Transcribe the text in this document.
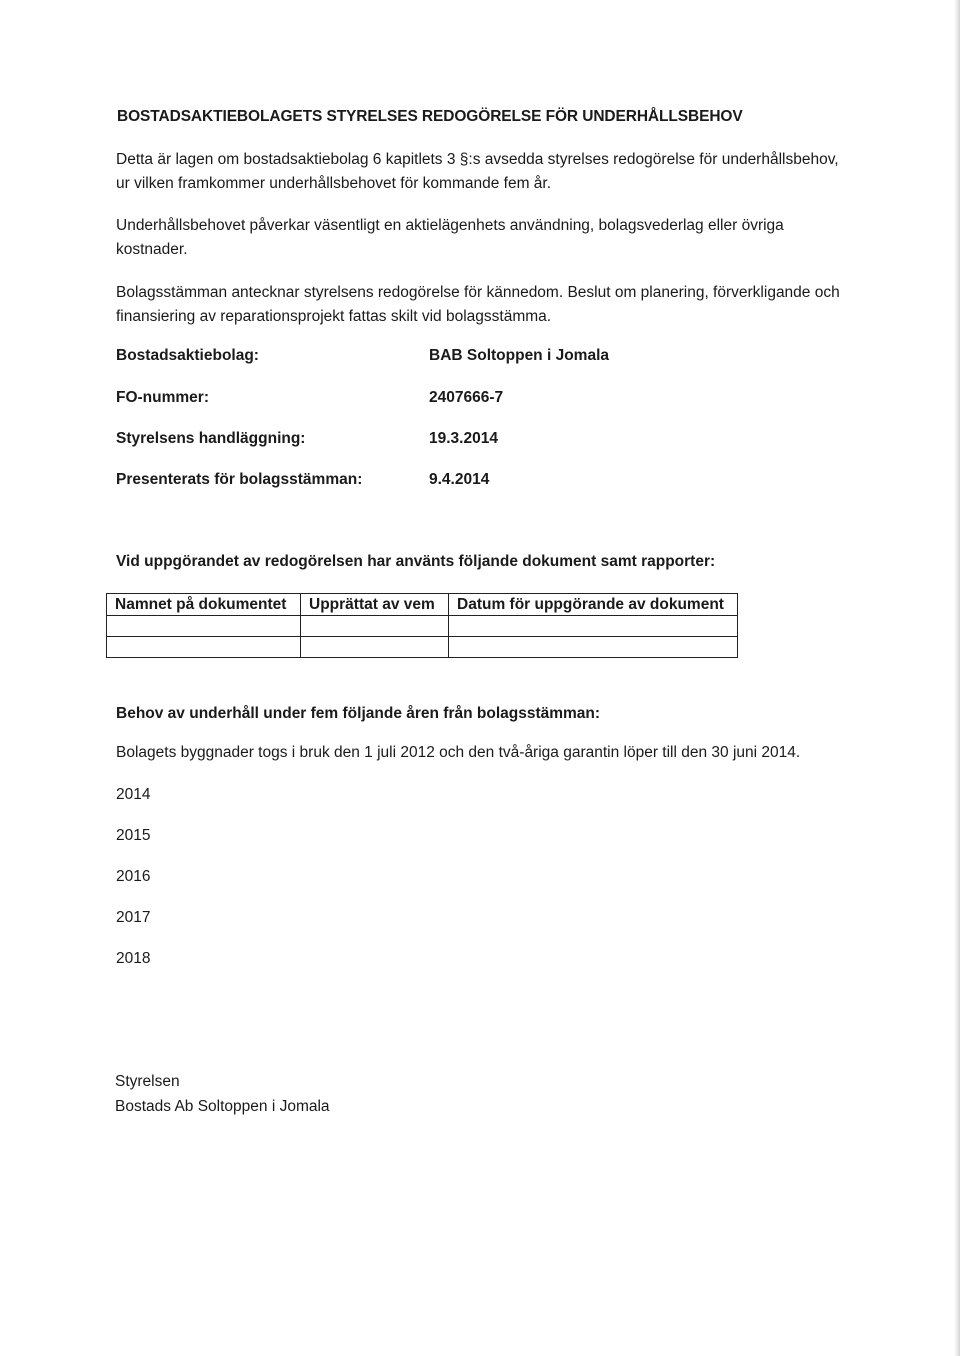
BOSTADSAKTIEBOLAGETS STYRELSES REDOGÖRELSE FÖR UNDERHÅLLSBEHOV
Detta är lagen om bostadsaktiebolag 6 kapitlets 3 §:s avsedda styrelses redogörelse för underhållsbehov, ur vilken framkommer underhållsbehovet för kommande fem år.
Underhållsbehovet påverkar väsentligt en aktielägenhets användning, bolagsvederlag eller övriga kostnader.
Bolagsstämman antecknar styrelsens redogörelse för kännedom. Beslut om planering, förverkligande och finansiering av reparationsprojekt fattas skilt vid bolagsstämma.
Bostadsaktiebolag:	BAB Soltoppen i Jomala
FO-nummer:	2407666-7
Styrelsens handläggning:	19.3.2014
Presenterats för bolagsstämman:	9.4.2014
Vid uppgörandet av redogörelsen har använts följande dokument samt rapporter:
Namnet på dokumentet	Upprättat av vem	Datum för uppgörande av dokument

Behov av underhåll under fem följande åren från bolagsstämman:
Bolagets byggnader togs i bruk den 1 juli 2012 och den två-åriga garantin löper till den 30 juni 2014.
2014
2015
2016
2017
2018
Styrelsen
Bostads Ab Soltoppen i Jomala
